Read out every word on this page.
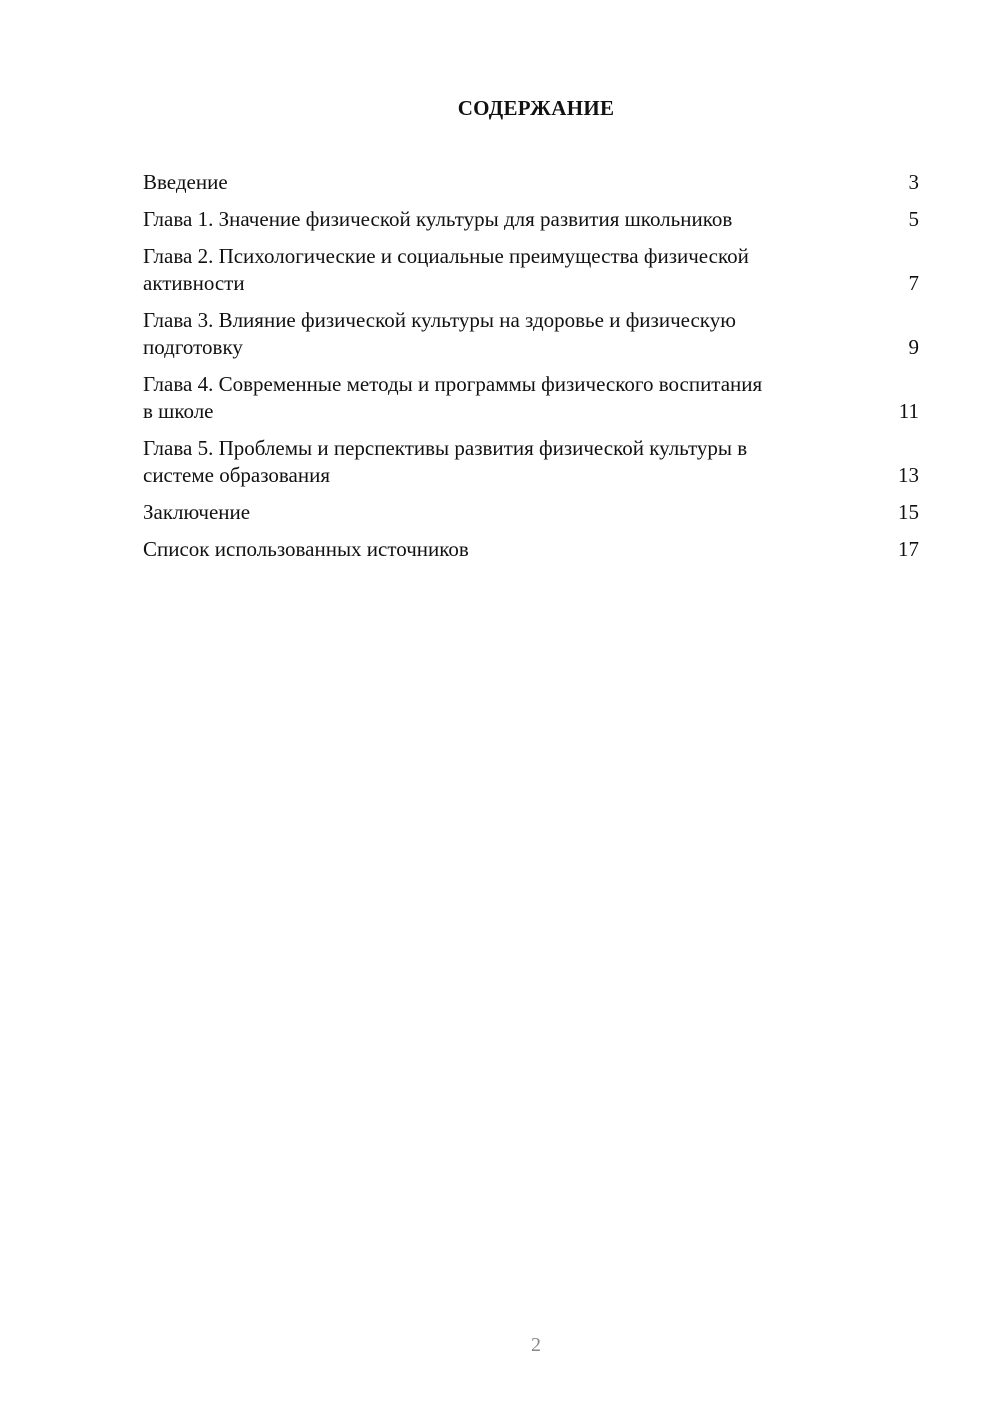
СОДЕРЖАНИЕ
Введение	3
Глава 1. Значение физической культуры для развития школьников	5
Глава 2. Психологические и социальные преимущества физической активности	7
Глава 3. Влияние физической культуры на здоровье и физическую подготовку	9
Глава 4. Современные методы и программы физического воспитания в школе	11
Глава 5. Проблемы и перспективы развития физической культуры в системе образования	13
Заключение	15
Список использованных источников	17
2
